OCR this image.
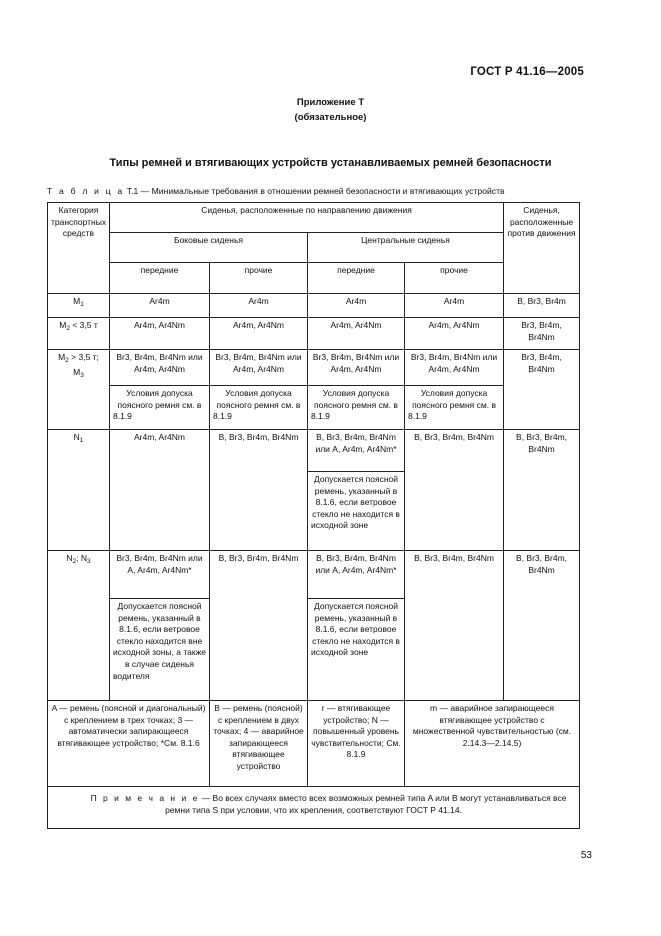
ГОСТ Р 41.16—2005
Приложение Т
(обязательное)
Типы ремней и втягивающих устройств устанавливаемых ремней безопасности
Т а б л и ц а Т.1 — Минимальные требования в отношении ремней безопасности и втягивающих устройств
Категория транспортных средств	Сиденья, расположенные по направлению движения				Сиденья, расположенные против движения
	Боковые сиденья		Центральные сиденья		
	передние	прочие	передние	прочие	
$M_1$	Ar4m	Ar4m	Ar4m	Ar4m	B, Br3, Br4m
$M_2 < 3,5$ т	Ar4m, Ar4Nm	Ar4m, Ar4Nm	Ar4m, Ar4Nm	Ar4m, Ar4Nm	Br3, Br4m, Br4Nm
$M_2 > 3,5$ т;
$M_3$	Br3, Br4m, Br4Nm или Ar4m, Ar4Nm	Br3, Br4m, Br4Nm или Ar4m, Ar4Nm	Br3, Br4m, Br4Nm или Ar4m, Ar4Nm	Br3, Br4m, Br4Nm или Ar4m, Ar4Nm	Br3, Br4m, Br4Nm
	Условия допуска поясного ремня см. в 8.1.9	Условия допуска поясного ремня см. в 8.1.9	Условия допуска поясного ремня см. в 8.1.9	Условия допуска поясного ремня см. в 8.1.9	
$N_1$	Ar4m, Ar4Nm	B, Br3, Br4m, Br4Nm	B, Br3, Br4m, Br4Nm или A, Ar4m, Ar4Nm*	B, Br3, Br4m, Br4Nm	B, Br3, Br4m, Br4Nm
			Допускается поясной ремень, указанный в 8.1.6, если ветровое стекло не находится в исходной зоне		
$N_2$; $N_3$	Br3, Br4m, Br4Nm или A, Ar4m, Ar4Nm*	B, Br3, Br4m, Br4Nm	B, Br3, Br4m, Br4Nm или A, Ar4m, Ar4Nm*	B, Br3, Br4m, Br4Nm	B, Br3, Br4m, Br4Nm
	Допускается поясной ремень, указанный в 8.1.6, если ветровое стекло находится вне исходной зоны, а также в случае сиденья водителя		Допускается поясной ремень, указанный в 8.1.6, если ветровое стекло не находится в исходной зоне		
A — ремень (поясной и диагональный) с креплением в трех точках; 3 — автоматически запирающееся втягивающее устройство; *См. 8.1.6		B — ремень (поясной) с креплением в двух точках; 4 — аварийное запирающееся втягивающее устройство	r — втягивающее устройство; N — повышенный уровень чувствительности; См. 8.1.9	m — аварийное запирающееся втягивающее устройство с множественной чувствительностью (см. 2.14.3—2.14.5)	
П р и м е ч а н и е — Во всех случаях вместо всех возможных ремней типа A или B могут устанавливаться все ремни типа S при условии, что их крепления, соответствуют ГОСТ Р 41.14.					
53
